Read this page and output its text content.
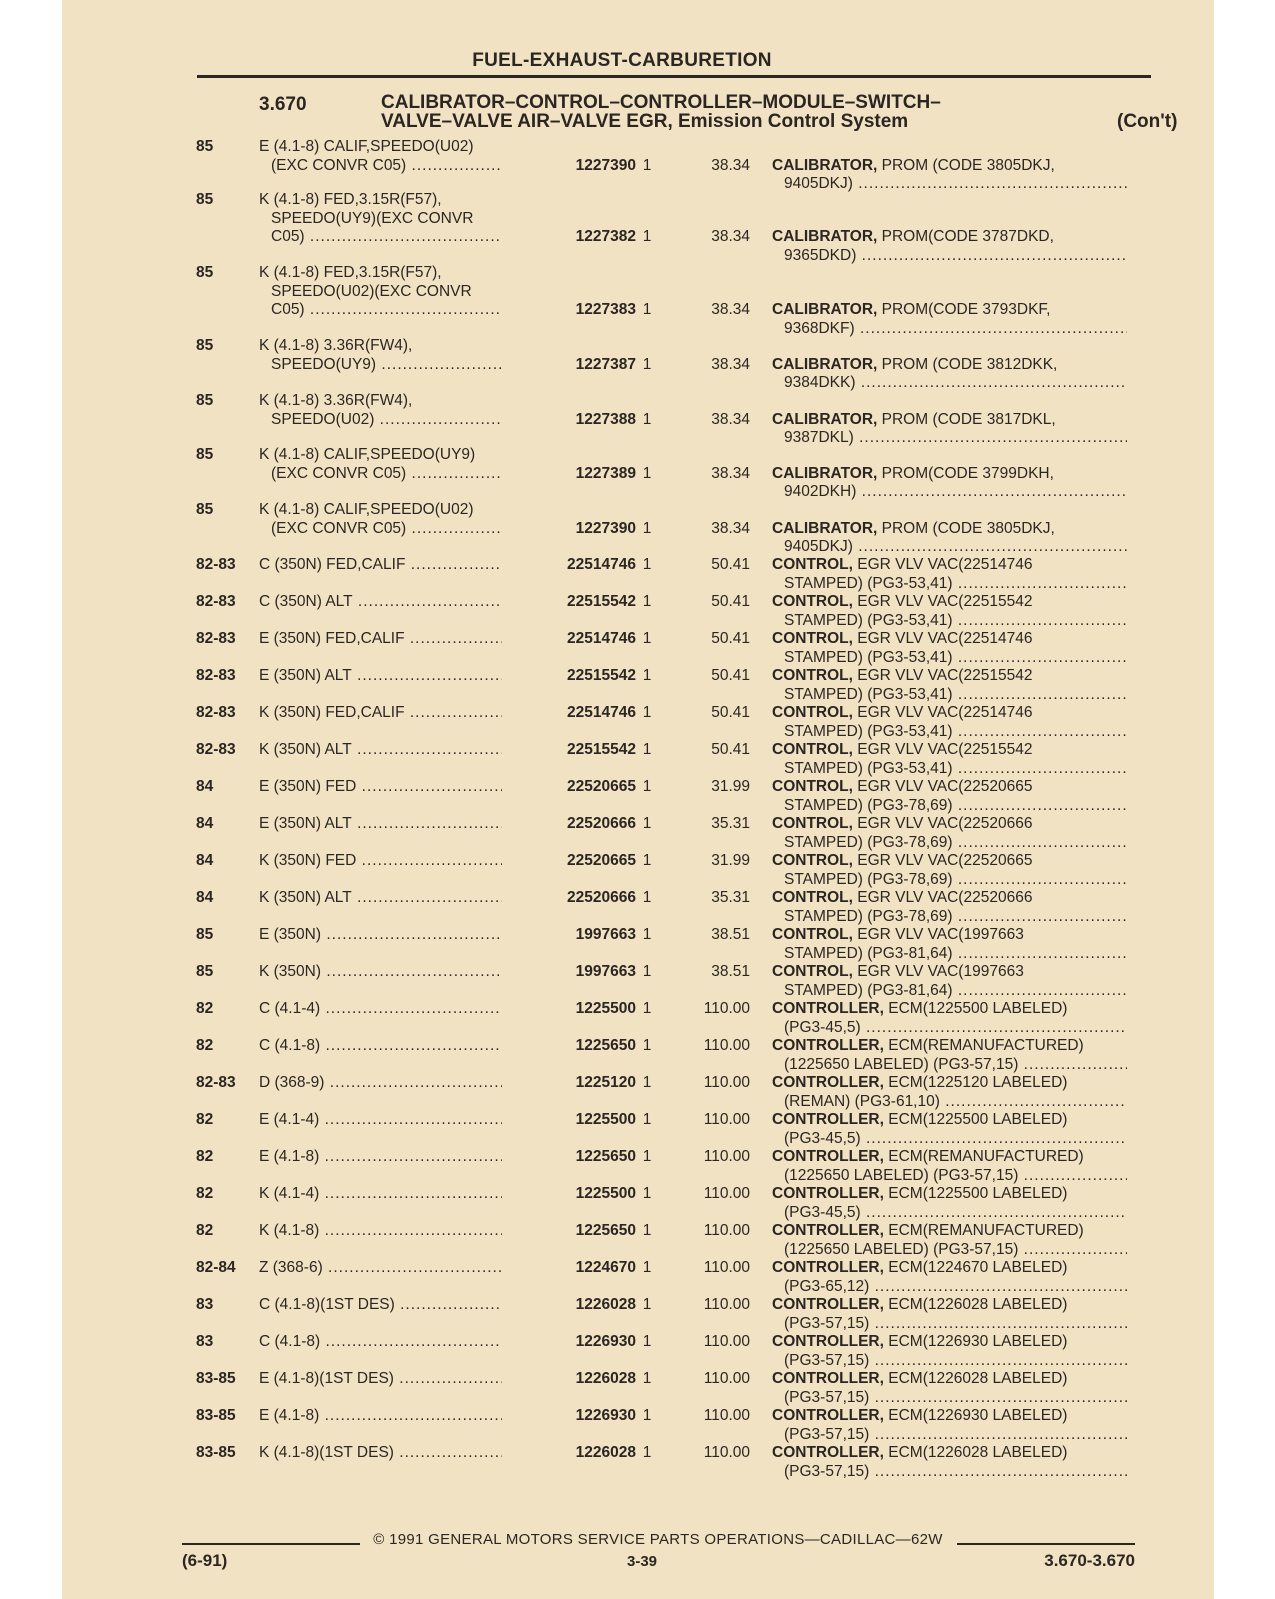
FUEL-EXHAUST-CARBURETION
3.670	CALIBRATOR–CONTROL–CONTROLLER–MODULE–SWITCH–
VALVE–VALVE AIR–VALVE EGR, Emission Control System	(Con't)
85	E (4.1-8) CALIF,SPEEDO(U02)
(EXC CONVR C05) .....	1227390 1	38.34 CALIBRATOR, PROM (CODE 3805DKJ,
9405DKJ) .....
85	K (4.1-8) FED,3.15R(F57),
SPEEDO(UY9)(EXC CONVR
C05) .....	1227382 1	38.34 CALIBRATOR, PROM(CODE 3787DKD,
9365DKD) .....
85	K (4.1-8) FED,3.15R(F57),
SPEEDO(U02)(EXC CONVR
C05) .....	1227383 1	38.34 CALIBRATOR, PROM(CODE 3793DKF,
9368DKF) .....
85	K (4.1-8) 3.36R(FW4),
SPEEDO(UY9) .....	1227387 1	38.34 CALIBRATOR, PROM (CODE 3812DKK,
9384DKK) .....
85	K (4.1-8) 3.36R(FW4),
SPEEDO(U02) .....	1227388 1	38.34 CALIBRATOR, PROM (CODE 3817DKL,
9387DKL) .....
85	K (4.1-8) CALIF,SPEEDO(UY9)
(EXC CONVR C05) .....	1227389 1	38.34 CALIBRATOR, PROM(CODE 3799DKH,
9402DKH) .....
85	K (4.1-8) CALIF,SPEEDO(U02)
(EXC CONVR C05) .....	1227390 1	38.34 CALIBRATOR, PROM (CODE 3805DKJ,
9405DKJ) .....
82-83	C (350N) FED,CALIF .....	22514746 1	50.41 CONTROL, EGR VLV VAC(22514746
STAMPED) (PG3-53,41) .....
82-83	C (350N) ALT .....	22515542 1	50.41 CONTROL, EGR VLV VAC(22515542
STAMPED) (PG3-53,41) .....
82-83	E (350N) FED,CALIF .....	22514746 1	50.41 CONTROL, EGR VLV VAC(22514746
STAMPED) (PG3-53,41) .....
82-83	E (350N) ALT .....	22515542 1	50.41 CONTROL, EGR VLV VAC(22515542
STAMPED) (PG3-53,41) .....
82-83	K (350N) FED,CALIF .....	22514746 1	50.41 CONTROL, EGR VLV VAC(22514746
STAMPED) (PG3-53,41) .....
82-83	K (350N) ALT .....	22515542 1	50.41 CONTROL, EGR VLV VAC(22515542
STAMPED) (PG3-53,41) .....
84	E (350N) FED .....	22520665 1	31.99 CONTROL, EGR VLV VAC(22520665
STAMPED) (PG3-78,69) .....
84	E (350N) ALT .....	22520666 1	35.31 CONTROL, EGR VLV VAC(22520666
STAMPED) (PG3-78,69) .....
84	K (350N) FED .....	22520665 1	31.99 CONTROL, EGR VLV VAC(22520665
STAMPED) (PG3-78,69) .....
84	K (350N) ALT .....	22520666 1	35.31 CONTROL, EGR VLV VAC(22520666
STAMPED) (PG3-78,69) .....
85	E (350N) .....	1997663 1	38.51 CONTROL, EGR VLV VAC(1997663
STAMPED) (PG3-81,64) .....
85	K (350N) .....	1997663 1	38.51 CONTROL, EGR VLV VAC(1997663
STAMPED) (PG3-81,64) .....
82	C (4.1-4) .....	1225500 1	110.00 CONTROLLER, ECM(1225500 LABELED)
(PG3-45,5) .....
82	C (4.1-8) .....	1225650 1	110.00 CONTROLLER, ECM(REMANUFACTURED)
(1225650 LABELED) (PG3-57,15) .....
82-83	D (368-9) .....	1225120 1	110.00 CONTROLLER, ECM(1225120 LABELED)
(REMAN) (PG3-61,10) .....
82	E (4.1-4) .....	1225500 1	110.00 CONTROLLER, ECM(1225500 LABELED)
(PG3-45,5) .....
82	E (4.1-8) .....	1225650 1	110.00 CONTROLLER, ECM(REMANUFACTURED)
(1225650 LABELED) (PG3-57,15) .....
82	K (4.1-4) .....	1225500 1	110.00 CONTROLLER, ECM(1225500 LABELED)
(PG3-45,5) .....
82	K (4.1-8) .....	1225650 1	110.00 CONTROLLER, ECM(REMANUFACTURED)
(1225650 LABELED) (PG3-57,15) .....
82-84	Z (368-6) .....	1224670 1	110.00 CONTROLLER, ECM(1224670 LABELED)
(PG3-65,12) .....
83	C (4.1-8)(1ST DES) .....	1226028 1	110.00 CONTROLLER, ECM(1226028 LABELED)
(PG3-57,15) .....
83	C (4.1-8) .....	1226930 1	110.00 CONTROLLER, ECM(1226930 LABELED)
(PG3-57,15) .....
83-85	E (4.1-8)(1ST DES) .....	1226028 1	110.00 CONTROLLER, ECM(1226028 LABELED)
(PG3-57,15) .....
83-85	E (4.1-8) .....	1226930 1	110.00 CONTROLLER, ECM(1226930 LABELED)
(PG3-57,15) .....
83-85	K (4.1-8)(1ST DES) .....	1226028 1	110.00 CONTROLLER, ECM(1226028 LABELED)
(PG3-57,15) .....
© 1991 GENERAL MOTORS SERVICE PARTS OPERATIONS—CADILLAC—62W
(6-91)	3-39	3.670-3.670
